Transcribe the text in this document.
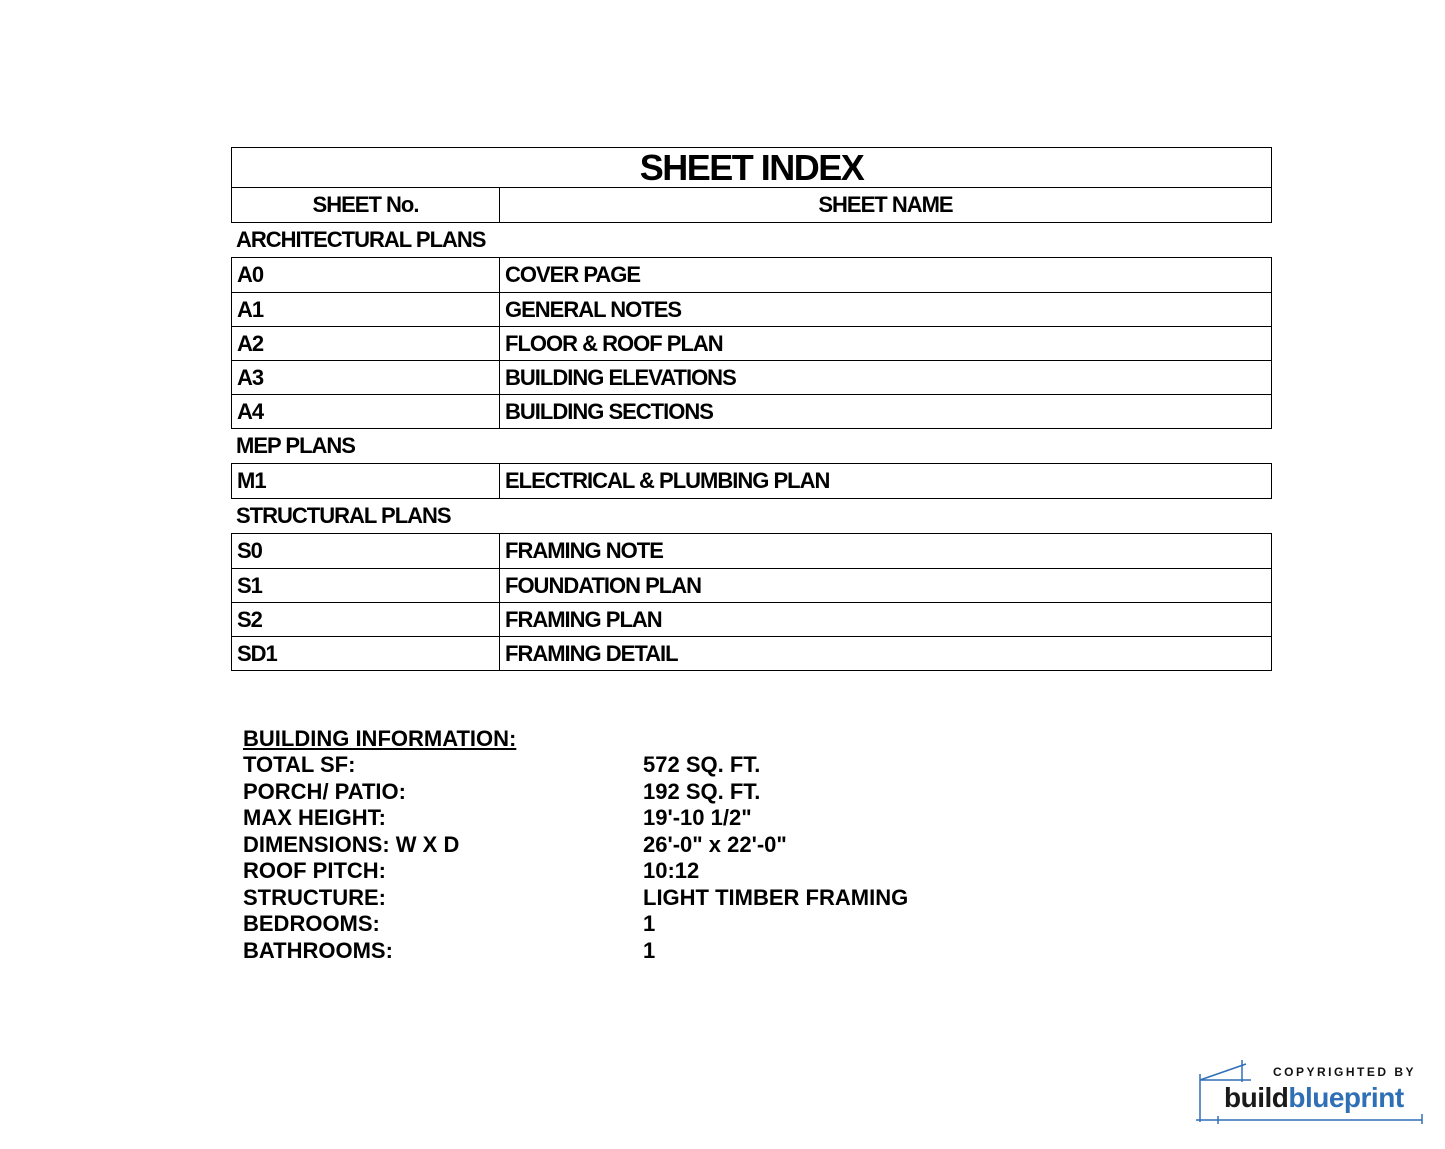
SHEET INDEX
SHEET No.	SHEET NAME
ARCHITECTURAL PLANS
A0	COVER PAGE
A1	GENERAL NOTES
A2	FLOOR & ROOF PLAN
A3	BUILDING ELEVATIONS
A4	BUILDING SECTIONS
MEP PLANS
M1	ELECTRICAL & PLUMBING PLAN
STRUCTURAL PLANS
S0	FRAMING NOTE
S1	FOUNDATION PLAN
S2	FRAMING PLAN
SD1	FRAMING DETAIL
BUILDING INFORMATION:
TOTAL SF:	572 SQ. FT.
PORCH/ PATIO:	192 SQ. FT.
MAX HEIGHT:	19'-10 1/2"
DIMENSIONS: W X D	26'-0" x 22'-0"
ROOF PITCH:	10:12
STRUCTURE:	LIGHT TIMBER FRAMING
BEDROOMS:	1
BATHROOMS:	1
COPYRIGHTED BY
buildblueprint
